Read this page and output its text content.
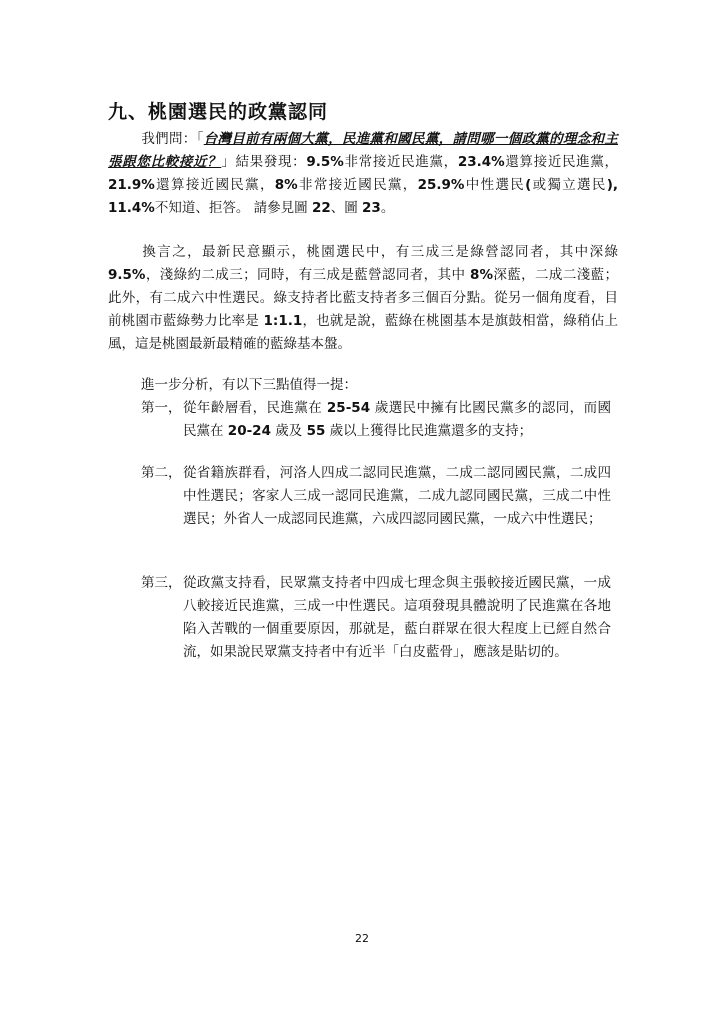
九、桃園選民的政黨認同
我們問：「台灣目前有兩個大黨，民進黨和國民黨，請問哪一個政黨的理念和主張跟您比較接近？」結果發現：9.5%非常接近民進黨，23.4%還算接近民進黨，21.9%還算接近國民黨，8%非常接近國民黨，25.9%中性選民(或獨立選民), 11.4%不知道、拒答。 請參見圖 22、圖 23。
換言之，最新民意顯示，桃園選民中，有三成三是綠營認同者，其中深綠 9.5%，淺綠約二成三；同時，有三成是藍營認同者，其中 8%深藍，二成二淺藍；此外，有二成六中性選民。綠支持者比藍支持者多三個百分點。從另一個角度看，目前桃園市藍綠勢力比率是 1:1.1，也就是說，藍綠在桃園基本是旗鼓相當，綠稍佔上風，這是桃園最新最精確的藍綠基本盤。
進一步分析，有以下三點值得一提：
第一， 從年齡層看，民進黨在 25-54 歲選民中擁有比國民黨多的認同，而國民黨在 20-24 歲及 55 歲以上獲得比民進黨還多的支持；
第二， 從省籍族群看，河洛人四成二認同民進黨，二成二認同國民黨，二成四中性選民；客家人三成一認同民進黨，二成九認同國民黨，三成二中性選民；外省人一成認同民進黨，六成四認同國民黨，一成六中性選民；
第三， 從政黨支持看，民眾黨支持者中四成七理念與主張較接近國民黨，一成八較接近民進黨，三成一中性選民。這項發現具體說明了民進黨在各地陷入苦戰的一個重要原因，那就是，藍白群眾在很大程度上已經自然合流，如果說民眾黨支持者中有近半「白皮藍骨」，應該是貼切的。
22
